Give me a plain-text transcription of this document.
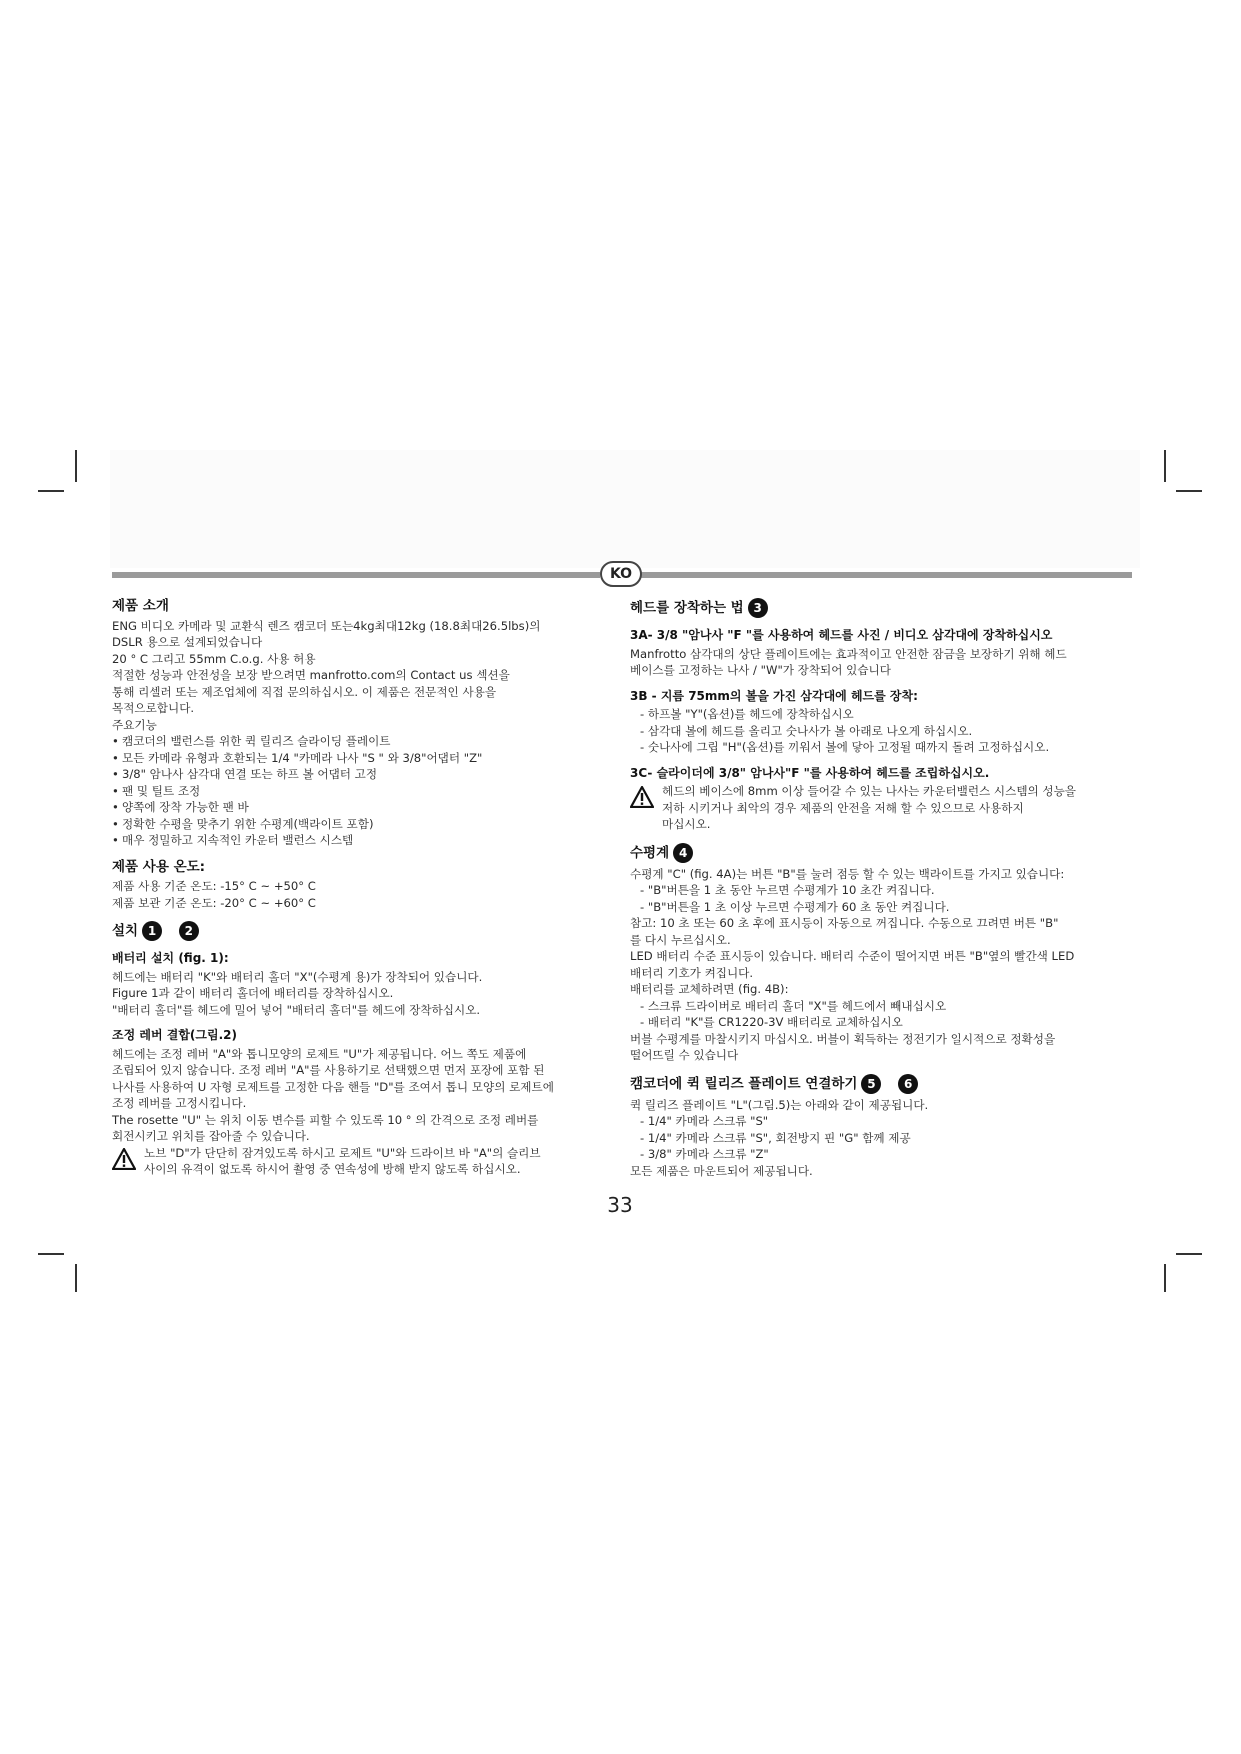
KO

제품 소개

ENG 비디오 카메라 및 교환식 렌즈 캠코더 또는4kg최대12kg (18.8최대26.5lbs)의

DSLR 용으로 설계되었습니다

20 ° C 그리고 55mm C.o.g. 사용 허용

적절한 성능과 안전성을 보장 받으려면 manfrotto.com의 Contact us 섹션을

통해 리셀러 또는 제조업체에 직접 문의하십시오. 이 제품은 전문적인 사용을

목적으로합니다.

주요기능

• 캠코더의 밸런스를 위한 퀵 릴리즈 슬라이딩 플레이트

• 모든 카메라 유형과 호환되는 1/4 "카메라 나사 "S " 와 3/8"어댑터 "Z"

• 3/8" 암나사 삼각대 연결 또는 하프 볼 어댑터 고정

• 팬 및 틸트 조정

• 양쪽에 장착 가능한 팬 바

• 정확한 수평을 맞추기 위한 수평계(백라이트 포함)

• 매우 정밀하고 지속적인 카운터 밸런스 시스템

제품 사용 온도:

제품 사용 기준 온도: -15° C ~ +50° C

제품 보관 기준 온도: -20° C ~ +60° C

설치 1 2

배터리 설치 (fig. 1):

헤드에는 배터리 "K"와 배터리 홀더 "X"(수평계 용)가 장착되어 있습니다.

Figure 1과 같이 배터리 홀더에 배터리를 장착하십시오.

"배터리 홀더"를 헤드에 밀어 넣어 "배터리 홀더"를 헤드에 장착하십시오.

조정 레버 결합(그림.2)

헤드에는 조정 레버 "A"와 톱니모양의 로제트 "U"가 제공됩니다. 어느 쪽도 제품에

조립되어 있지 않습니다. 조정 레버 "A"를 사용하기로 선택했으면 먼저 포장에 포함 된

나사를 사용하여 U 자형 로제트를 고정한 다음 핸들 "D"를 조여서 톱니 모양의 로제트에

조정 레버를 고정시킵니다.

The rosette "U" 는 위치 이동 변수를 피할 수 있도록 10 ° 의 간격으로 조정 레버를

회전시키고 위치를 잡아줄 수 있습니다.

노브 "D"가 단단히 잠겨있도록 하시고 로제트 "U"와 드라이브 바 "A"의 슬리브

사이의 유격이 없도록 하시어 촬영 중 연속성에 방해 받지 않도록 하십시오.

헤드를 장착하는 법 3

3A- 3/8 "암나사 "F "를 사용하여 헤드를 사진 / 비디오 삼각대에 장착하십시오

Manfrotto 삼각대의 상단 플레이트에는 효과적이고 안전한 잠금을 보장하기 위해 헤드

베이스를 고정하는 나사 / "W"가 장착되어 있습니다

3B - 지름 75mm의 볼을 가진 삼각대에 헤드를 장착:

- 하프볼 "Y"(옵션)를 헤드에 장착하십시오

- 삼각대 볼에 헤드를 올리고 숫나사가 볼 아래로 나오게 하십시오.

- 숫나사에 그립 "H"(옵션)를 끼워서 볼에 닿아 고정될 때까지 돌려 고정하십시오.

3C- 슬라이더에 3/8" 암나사"F "를 사용하여 헤드를 조립하십시오.

헤드의 베이스에 8mm 이상 들어갈 수 있는 나사는 카운터밸런스 시스템의 성능을

저하 시키거나 최악의 경우 제품의 안전을 저해 할 수 있으므로 사용하지

마십시오.

수평계 4

수평계 "C" (fig. 4A)는 버튼 "B"를 눌러 점등 할 수 있는 백라이트를 가지고 있습니다:

- "B"버튼을 1 초 동안 누르면 수평계가 10 초간 켜집니다.

- "B"버튼을 1 초 이상 누르면 수평계가 60 초 동안 켜집니다.

참고: 10 초 또는 60 초 후에 표시등이 자동으로 꺼집니다. 수동으로 끄려면 버튼 "B"

를 다시 누르십시오.

LED 배터리 수준 표시등이 있습니다. 배터리 수준이 떨어지면 버튼 "B"옆의 빨간색 LED

배터리 기호가 켜집니다.

배터리를 교체하려면 (fig. 4B):

- 스크류 드라이버로 배터리 홀더 "X"를 헤드에서 빼내십시오

- 배터리 "K"를 CR1220-3V 배터리로 교체하십시오

버블 수평계를 마찰시키지 마십시오. 버블이 획득하는 정전기가 일시적으로 정확성을

떨어뜨릴 수 있습니다

캠코더에 퀵 릴리즈 플레이트 연결하기 5 6

퀵 릴리즈 플레이트 "L"(그림.5)는 아래와 같이 제공됩니다.

- 1/4" 카메라 스크류 "S"

- 1/4" 카메라 스크류 "S", 회전방지 핀 "G" 함께 제공

- 3/8" 카메라 스크류 "Z"

모든 제품은 마운트되어 제공됩니다.

33
